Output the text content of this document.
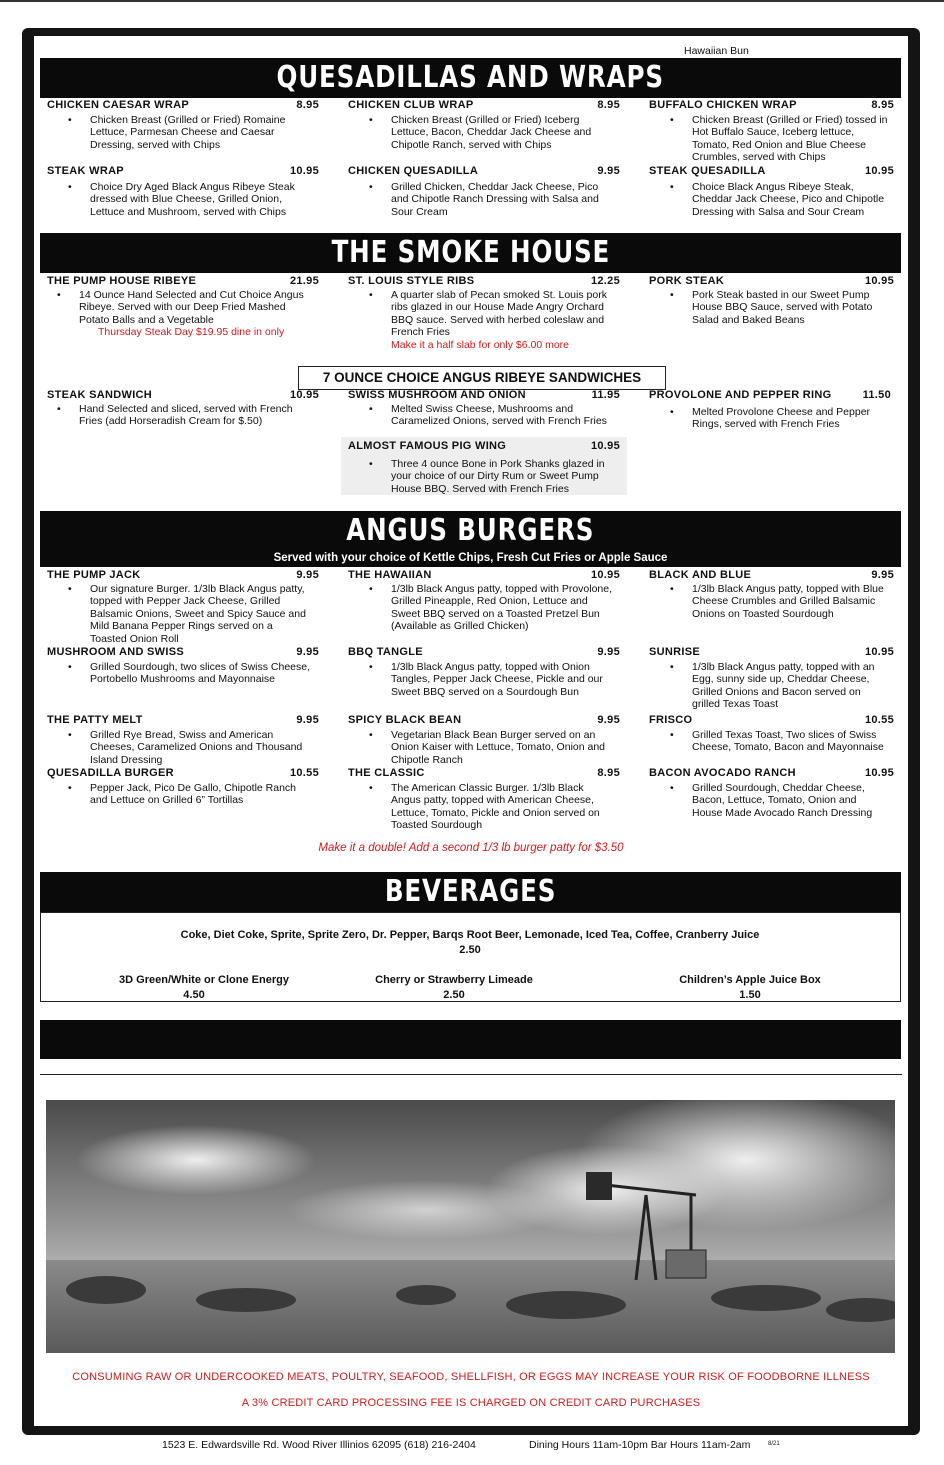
Hawaiian Bun
QUESADILLAS AND WRAPS
CHICKEN CAESAR WRAP	8.95
• Chicken Breast (Grilled or Fried) Romaine
Lettuce, Parmesan Cheese and Caesar
Dressing, served with Chips
CHICKEN CLUB WRAP	8.95
• Chicken Breast (Grilled or Fried) Iceberg
Lettuce, Bacon, Cheddar Jack Cheese and
Chipotle Ranch, served with Chips
BUFFALO CHICKEN WRAP	8.95
• Chicken Breast (Grilled or Fried) tossed in
Hot Buffalo Sauce, Iceberg lettuce,
Tomato, Red Onion and Blue Cheese
Crumbles, served with Chips
STEAK WRAP	10.95
• Choice Dry Aged Black Angus Ribeye Steak
dressed with Blue Cheese, Grilled Onion,
Lettuce and Mushroom, served with Chips
CHICKEN QUESADILLA	9.95
• Grilled Chicken, Cheddar Jack Cheese, Pico
and Chipotle Ranch Dressing with Salsa and
Sour Cream
STEAK QUESADILLA	10.95
• Choice Black Angus Ribeye Steak,
Cheddar Jack Cheese, Pico and Chipotle
Dressing with Salsa and Sour Cream
THE SMOKE HOUSE
THE PUMP HOUSE RIBEYE	21.95
• 14 Ounce Hand Selected and Cut Choice Angus
Ribeye. Served with our Deep Fried Mashed
Potato Balls and a Vegetable
Thursday Steak Day $19.95 dine in only
ST. LOUIS STYLE RIBS	12.25
• A quarter slab of Pecan smoked St. Louis pork
ribs glazed in our House Made Angry Orchard
BBQ sauce. Served with herbed coleslaw and
French Fries
Make it a half slab for only $6.00 more
PORK STEAK	10.95
• Pork Steak basted in our Sweet Pump
House BBQ Sauce, served with Potato
Salad and Baked Beans
7 OUNCE CHOICE ANGUS RIBEYE SANDWICHES
STEAK SANDWICH	10.95
• Hand Selected and sliced, served with French
Fries (add Horseradish Cream for $.50)
SWISS MUSHROOM AND ONION	11.95
• Melted Swiss Cheese, Mushrooms and
Caramelized Onions, served with French Fries
PROVOLONE AND PEPPER RING	11.50
• Melted Provolone Cheese and Pepper
Rings, served with French Fries
ALMOST FAMOUS PIG WING	10.95
• Three 4 ounce Bone in Pork Shanks glazed in
your choice of our Dirty Rum or Sweet Pump
House BBQ. Served with French Fries
ANGUS BURGERS
Served with your choice of Kettle Chips, Fresh Cut Fries or Apple Sauce
THE PUMP JACK	9.95
• Our signature Burger. 1/3lb Black Angus patty,
topped with Pepper Jack Cheese, Grilled
Balsamic Onions, Sweet and Spicy Sauce and
Mild Banana Pepper Rings served on a
Toasted Onion Roll
THE HAWAIIAN	10.95
• 1/3lb Black Angus patty, topped with Provolone,
Grilled Pineapple, Red Onion, Lettuce and
Sweet BBQ served on a Toasted Pretzel Bun
(Available as Grilled Chicken)
BLACK AND BLUE	9.95
• 1/3lb Black Angus patty, topped with Blue
Cheese Crumbles and Grilled Balsamic
Onions on Toasted Sourdough
MUSHROOM AND SWISS	9.95
• Grilled Sourdough, two slices of Swiss Cheese,
Portobello Mushrooms and Mayonnaise
BBQ TANGLE	9.95
• 1/3lb Black Angus patty, topped with Onion
Tangles, Pepper Jack Cheese, Pickle and our
Sweet BBQ served on a Sourdough Bun
SUNRISE	10.95
• 1/3lb Black Angus patty, topped with an
Egg, sunny side up, Cheddar Cheese,
Grilled Onions and Bacon served on
grilled Texas Toast
THE PATTY MELT	9.95
• Grilled Rye Bread, Swiss and American
Cheeses, Caramelized Onions and Thousand
Island Dressing
SPICY BLACK BEAN	9.95
• Vegetarian Black Bean Burger served on an
Onion Kaiser with Lettuce, Tomato, Onion and
Chipotle Ranch
FRISCO	10.55
• Grilled Texas Toast, Two slices of Swiss
Cheese, Tomato, Bacon and Mayonnaise
QUESADILLA BURGER	10.55
• Pepper Jack, Pico De Gallo, Chipotle Ranch
and Lettuce on Grilled 6” Tortillas
THE CLASSIC	8.95
• The American Classic Burger. 1/3lb Black
Angus patty, topped with American Cheese,
Lettuce, Tomato, Pickle and Onion served on
Toasted Sourdough
BACON AVOCADO RANCH	10.95
• Grilled Sourdough, Cheddar Cheese,
Bacon, Lettuce, Tomato, Onion and
House Made Avocado Ranch Dressing
Make it a double! Add a second 1/3 lb burger patty for $3.50
BEVERAGES
Coke, Diet Coke, Sprite, Sprite Zero, Dr. Pepper, Barqs Root Beer, Lemonade, Iced Tea, Coffee, Cranberry Juice
2.50
3D Green/White or Clone Energy
4.50
Cherry or Strawberry Limeade
2.50
Children’s Apple Juice Box
1.50
CONSUMING RAW OR UNDERCOOKED MEATS, POULTRY, SEAFOOD, SHELLFISH, OR EGGS MAY INCREASE YOUR RISK OF FOODBORNE ILLNESS
A 3% CREDIT CARD PROCESSING FEE IS CHARGED ON CREDIT CARD PURCHASES
1523 E. Edwardsville Rd. Wood River Illinios 62095 (618) 216-2404	Dining Hours 11am-10pm Bar Hours 11am-2am	8/21
